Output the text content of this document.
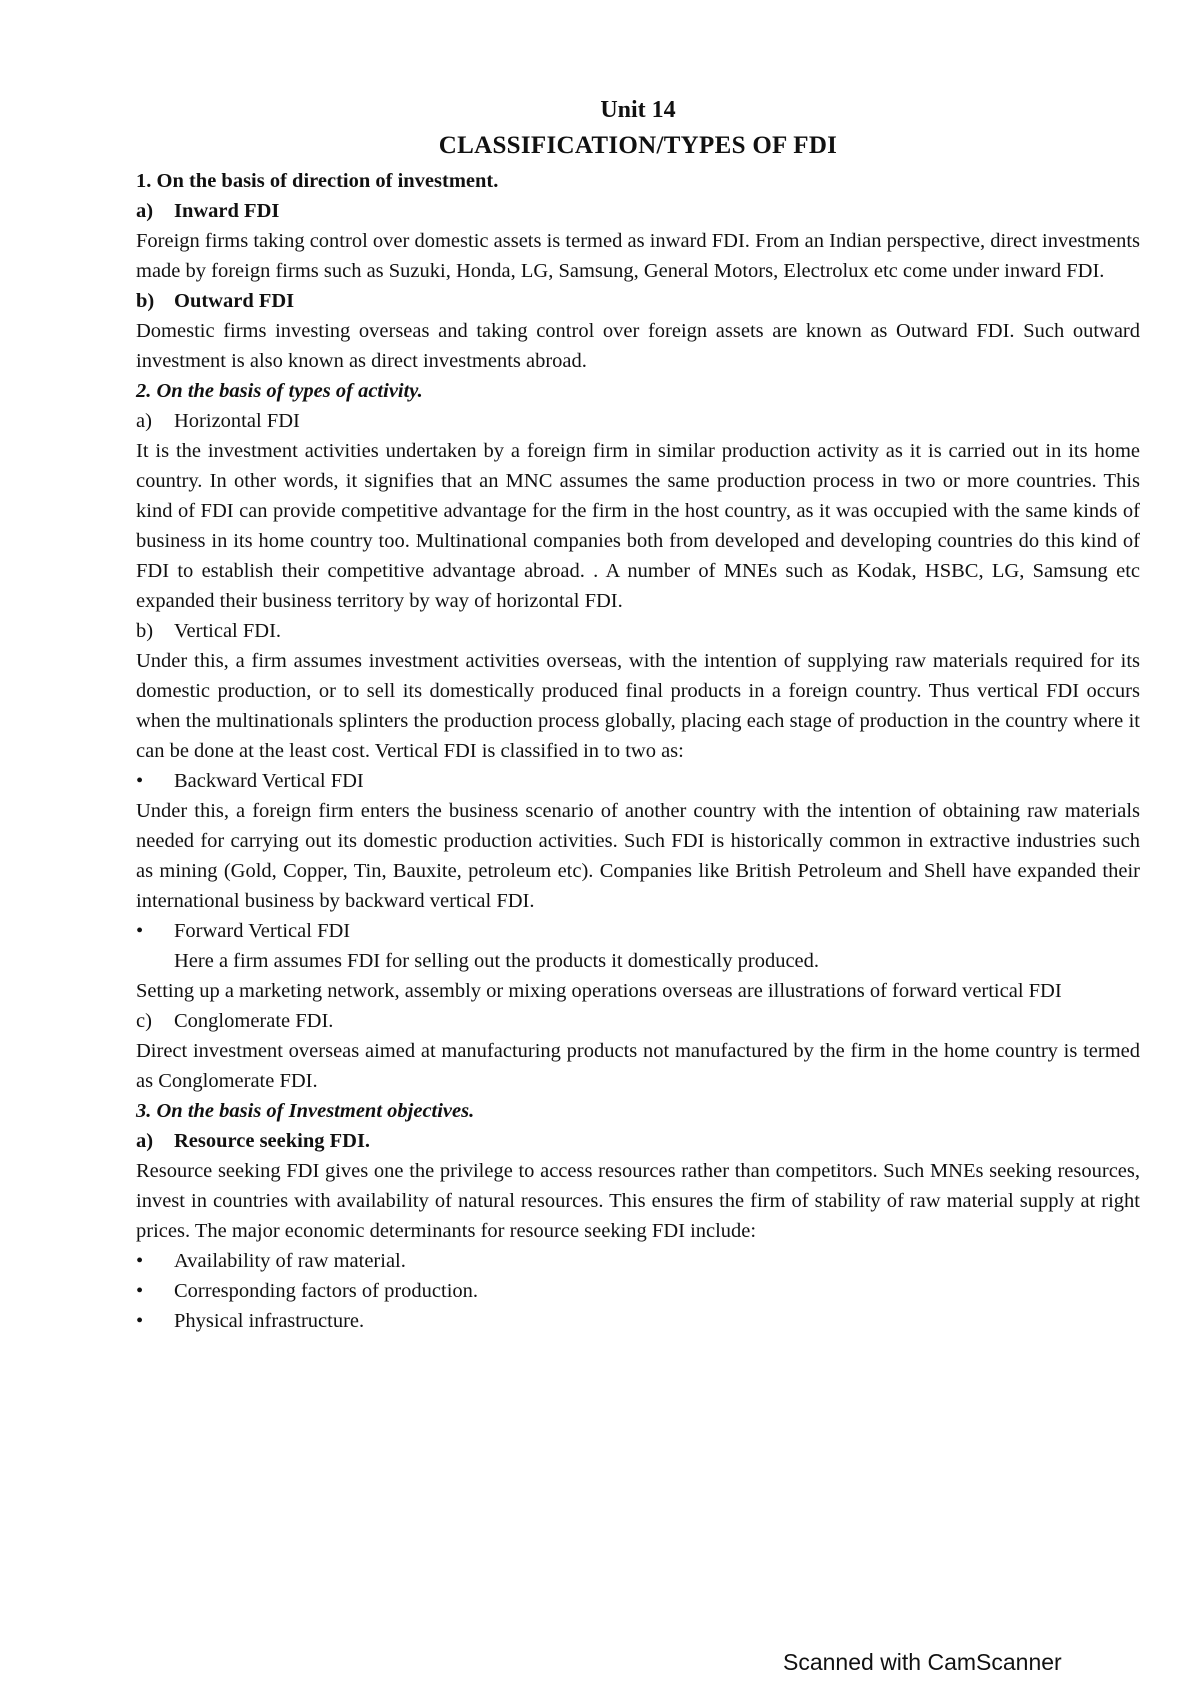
Unit 14
CLASSIFICATION/TYPES OF FDI

1. On the basis of direction of investment.

a) Inward FDI

Foreign firms taking control over domestic assets is termed as inward FDI. From an Indian perspective, direct investments made by foreign firms such as Suzuki, Honda, LG, Samsung, General Motors, Electrolux etc come under inward FDI.

b) Outward FDI

Domestic firms investing overseas and taking control over foreign assets are known as Outward FDI. Such outward investment is also known as direct investments abroad.

2. On the basis of types of activity.

a) Horizontal FDI

It is the investment activities undertaken by a foreign firm in similar production activity as it is carried out in its home country. In other words, it signifies that an MNC assumes the same production process in two or more countries. This kind of FDI can provide competitive advantage for the firm in the host country, as it was occupied with the same kinds of business in its home country too. Multinational companies both from developed and developing countries do this kind of FDI to establish their competitive advantage abroad. . A number of MNEs such as Kodak, HSBC, LG, Samsung etc expanded their business territory by way of horizontal FDI.

b) Vertical FDI.

Under this, a firm assumes investment activities overseas, with the intention of supplying raw materials required for its domestic production, or to sell its domestically produced final products in a foreign country. Thus vertical FDI occurs when the multinationals splinters the production process globally, placing each stage of production in the country where it can be done at the least cost. Vertical FDI is classified in to two as:

•	Backward Vertical FDI

Under this, a foreign firm enters the business scenario of another country with the intention of obtaining raw materials needed for carrying out its domestic production activities. Such FDI is historically common in extractive industries such as mining (Gold, Copper, Tin, Bauxite, petroleum etc). Companies like British Petroleum and Shell have expanded their international business by backward vertical FDI.

•	Forward Vertical FDI

Here a firm assumes FDI for selling out the products it domestically produced.

Setting up a marketing network, assembly or mixing operations overseas are illustrations of forward vertical FDI

c) Conglomerate FDI.

Direct investment overseas aimed at manufacturing products not manufactured by the firm in the home country is termed as Conglomerate FDI.

3. On the basis of Investment objectives.

a) Resource seeking FDI.

Resource seeking FDI gives one the privilege to access resources rather than competitors. Such MNEs seeking resources, invest in countries with availability of natural resources. This ensures the firm of stability of raw material supply at right prices. The major economic determinants for resource seeking FDI include:

•	Availability of raw material.

•	Corresponding factors of production.

•	Physical infrastructure.

Scanned with CamScanner
